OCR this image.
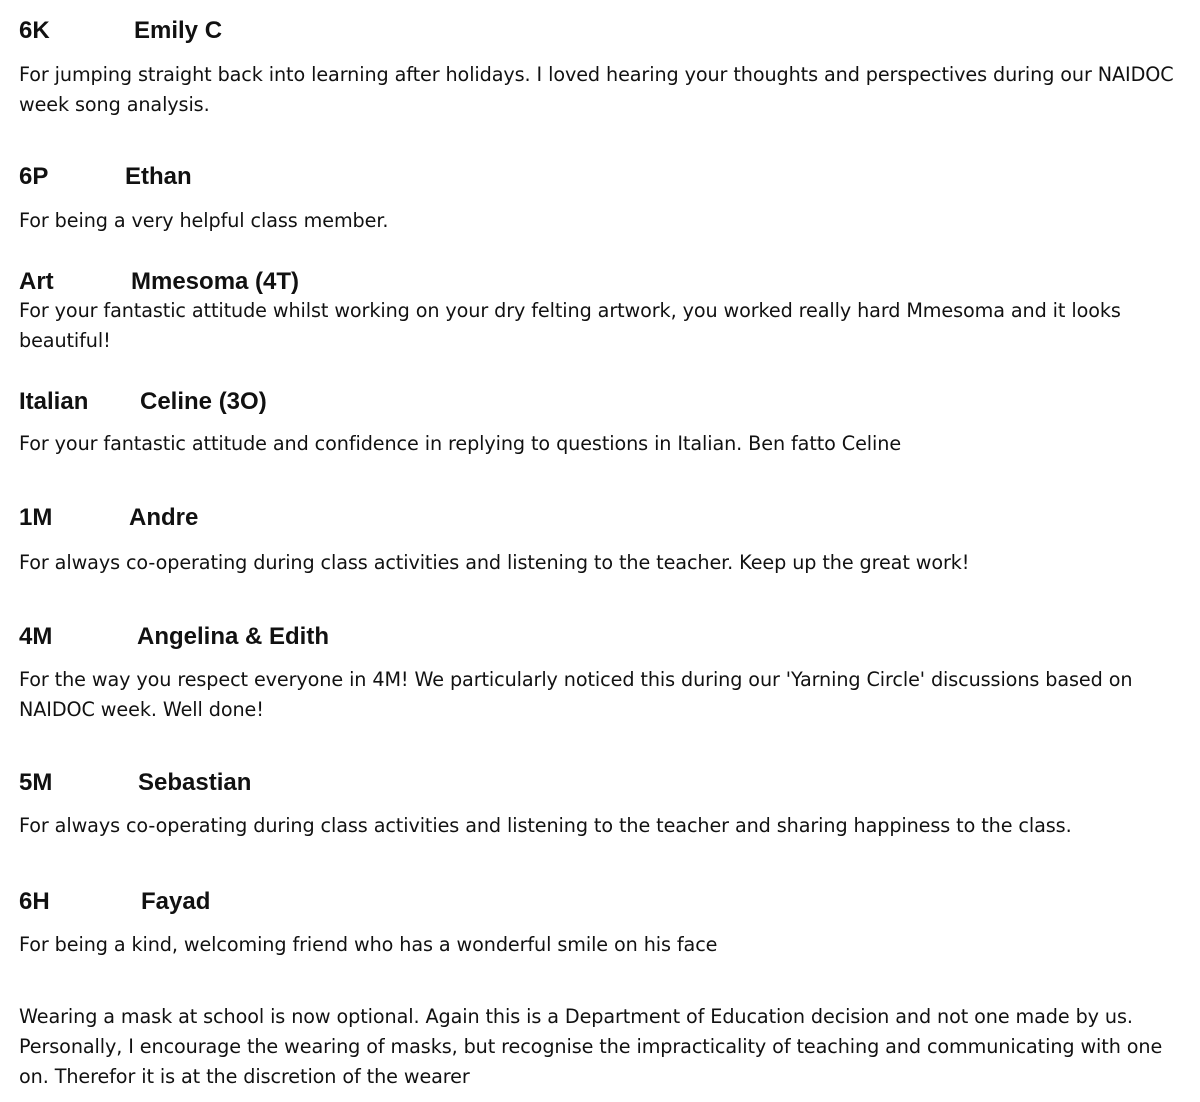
6K	Emily C
For jumping straight back into learning after holidays. I loved hearing your thoughts and perspectives during our NAIDOC week song analysis.
6P	Ethan
For being a very helpful class member.
Art	Mmesoma (4T)
For your fantastic attitude whilst working on your dry felting artwork, you worked really hard Mmesoma and it looks beautiful!
Italian Celine (3O)
For your fantastic attitude and confidence in replying to questions in Italian. Ben fatto Celine
1M	Andre
For always co-operating during class activities and listening to the teacher. Keep up the great work!
4M	Angelina & Edith
For the way you respect everyone in 4M! We particularly noticed this during our 'Yarning Circle' discussions based on NAIDOC week. Well done!
5M	Sebastian
For always co-operating during class activities and listening to the teacher and sharing happiness to the class.
6H	Fayad
For being a kind, welcoming friend who has a wonderful smile on his face
Wearing a mask at school is now optional. Again this is a Department of Education decision and not one made by us. Personally, I encourage the wearing of masks, but recognise the impracticality of teaching and communicating with one on. Therefor it is at the discretion of the wearer
